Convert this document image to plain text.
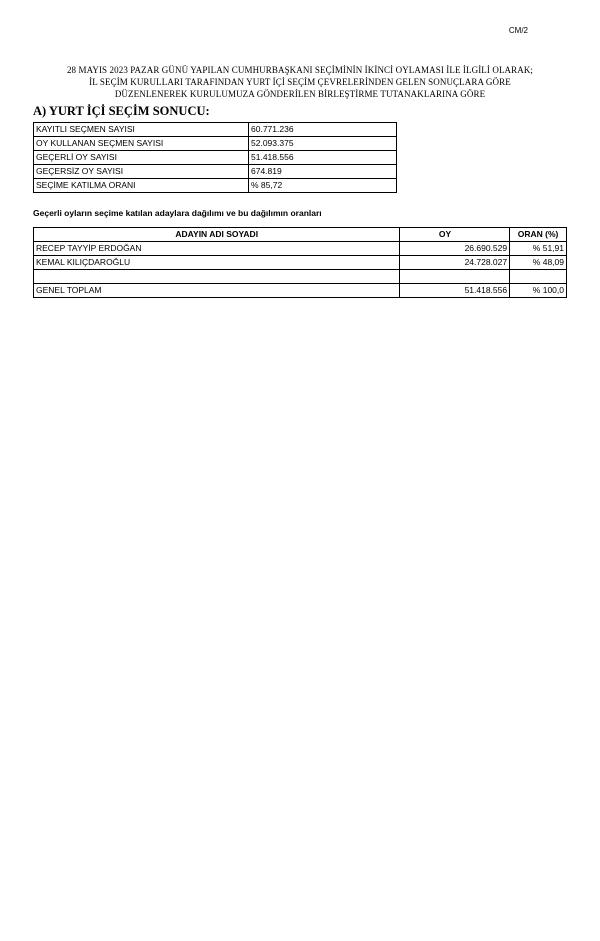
CM/2
28 MAYIS 2023 PAZAR GÜNÜ YAPILAN CUMHURBAŞKANI SEÇİMİNİN İKİNCİ OYLAMASI İLE İLGİLİ OLARAK;
İL SEÇİM KURULLARI TARAFINDAN YURT İÇİ SEÇİM ÇEVRELERİNDEN GELEN SONUÇLARA GÖRE
DÜZENLENEREK KURULUMUZA GÖNDERİLEN BİRLEŞTİRME TUTANAKLARINA GÖRE
A) YURT İÇİ SEÇİM SONUCU:
KAYITLI SEÇMEN SAYISI	60.771.236
OY KULLANAN SEÇMEN SAYISI	52.093.375
GEÇERLİ OY SAYISI	51.418.556
GEÇERSİZ OY SAYISI	674.819
SEÇİME KATILMA ORANI	% 85,72
Geçerli oyların seçime katılan adaylara dağılımı ve bu dağılımın oranları
ADAYIN ADI SOYADI	OY	ORAN (%)
RECEP TAYYİP ERDOĞAN	26.690.529	% 51,91
KEMAL KILIÇDAROĞLU	24.728.027	% 48,09

GENEL TOPLAM	51.418.556	% 100,0
